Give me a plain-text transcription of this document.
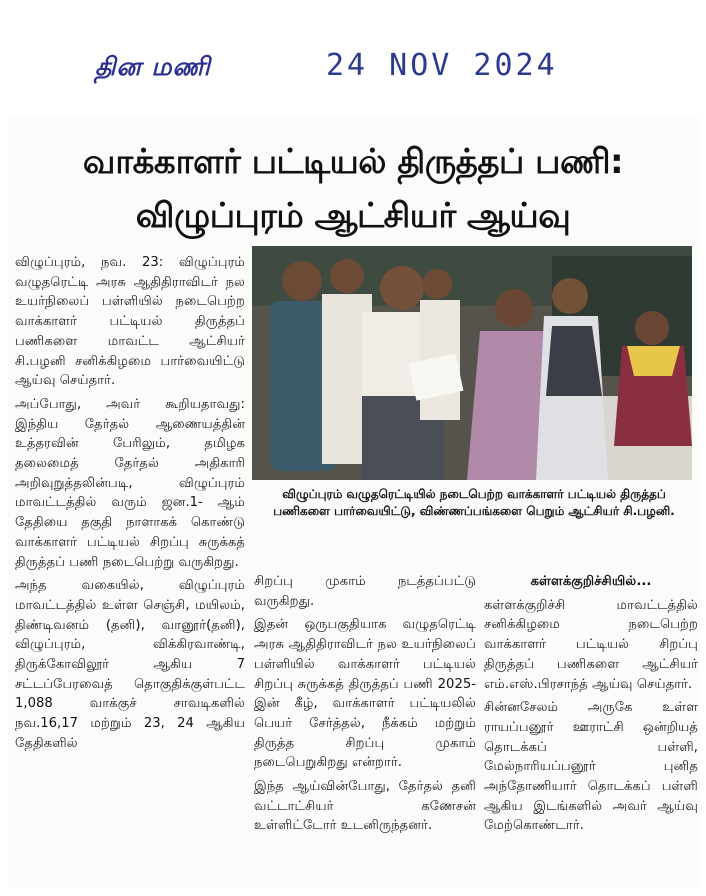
தின மணி	24 NOV 2024
வாக்காளர் பட்டியல் திருத்தப் பணி:
விழுப்புரம் ஆட்சியர் ஆய்வு

விழுப்புரம், நவ. 23: விழுப்புரம் வழுதரெட்டி அரசு ஆதிதிராவிடர் நல உயர்நிலைப் பள்ளியில் நடைபெற்ற வாக்காளர் பட்டியல் திருத்தப் பணிகளை மாவட்ட ஆட்சியர் சி.பழனி சனிக்கிழமை பார்வையிட்டு ஆய்வு செய்தார்.

அப்போது, அவர் கூறியதாவது: இந்திய தேர்தல் ஆணையத்தின் உத்தரவின் பேரிலும், தமிழக தலைமைத் தேர்தல் அதிகாரி அறிவுறுத்தலின்படி, விழுப்புரம் மாவட்டத்தில் வரும் ஜன.1- ஆம் தேதியை தகுதி நாளாகக் கொண்டு வாக்காளர் பட்டியல் சிறப்பு சுருக்கத் திருத்தப் பணி நடைபெற்று வருகிறது.

அந்த வகையில், விழுப்புரம் மாவட்டத்தில் உள்ள செஞ்சி, மயிலம், திண்டிவனம் (தனி), வானூர்(தனி), விழுப்புரம், விக்கிரவாண்டி, திருக்கோவிலூர் ஆகிய 7 சட்டப்பேரவைத் தொகுதிக்குள்பட்ட 1,088 வாக்குச் சாவடிகளில் நவ.16,17 மற்றும் 23, 24 ஆகிய தேதிகளில்

விழுப்புரம் வழுதரெட்டியில் நடைபெற்ற வாக்காளர் பட்டியல் திருத்தப் பணிகளை பார்வையிட்டு, விண்ணப்பங்களை பெறும் ஆட்சியர் சி.பழனி.

சிறப்பு முகாம் நடத்தப்பட்டு வருகிறது.

இதன் ஒருபகுதியாக வழுதரெட்டி அரசு ஆதிதிராவிடர் நல உயர்நிலைப் பள்ளியில் வாக்காளர் பட்டியல் சிறப்பு சுருக்கத் திருத்தப் பணி 2025-இன் கீழ், வாக்காளர் பட்டியலில் பெயர் சேர்த்தல், நீக்கம் மற்றும் திருத்த சிறப்பு முகாம் நடைபெறுகிறது என்றார்.

இந்த ஆய்வின்போது, தேர்தல் தனி வட்டாட்சியர் கணேசன் உள்ளிட்டோர் உடனிருந்தனர்.

கள்ளக்குறிச்சியில்...

கள்ளக்குறிச்சி மாவட்டத்தில் சனிக்கிழமை நடைபெற்ற வாக்காளர் பட்டியல் சிறப்பு திருத்தப் பணிகளை ஆட்சியர் எம்.எஸ்.பிரசாந்த் ஆய்வு செய்தார்.

சின்னசேலம் அருகே உள்ள ராயப்பனூர் ஊராட்சி ஒன்றியத் தொடக்கப் பள்ளி, மேல்நாரியப்பனூர் புனித அந்தோணியார் தொடக்கப் பள்ளி ஆகிய இடங்களில் அவர் ஆய்வு மேற்கொண்டார்.
